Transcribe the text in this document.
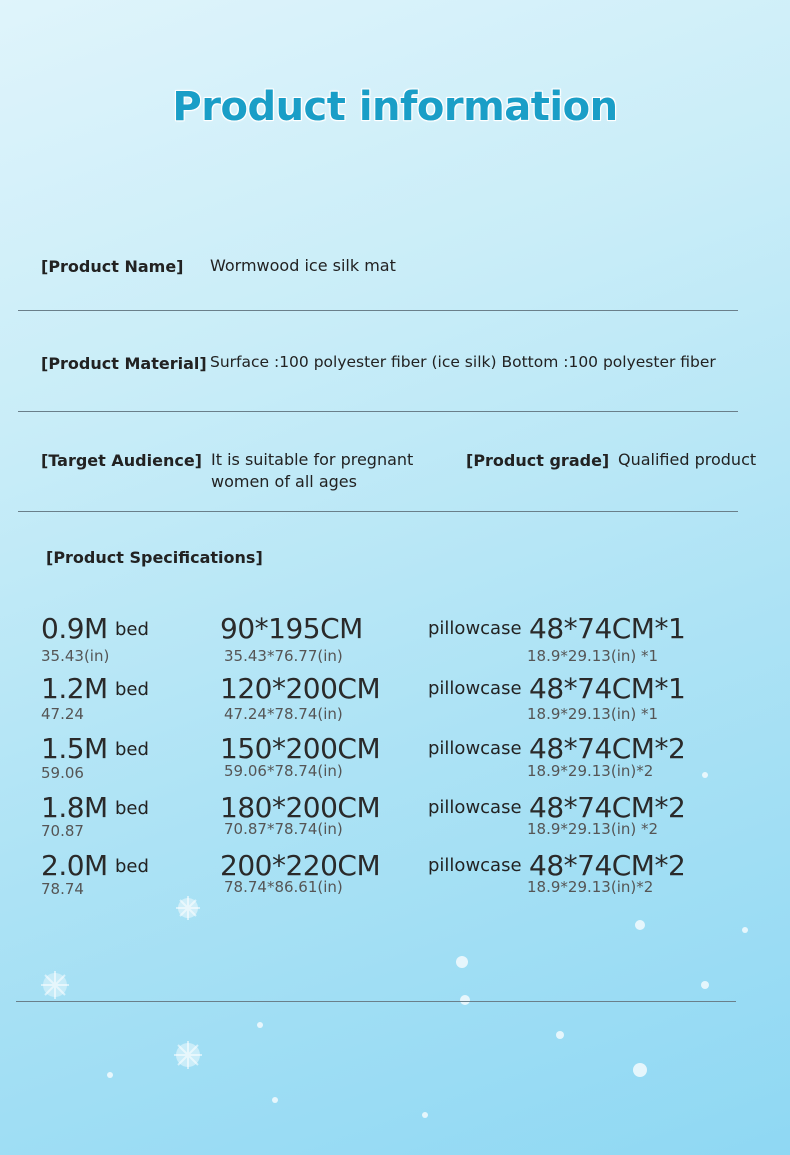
Product information
[Product Name] Wormwood ice silk mat
[Product Material] Surface :100 polyester fiber (ice silk) Bottom :100 polyester fiber
[Target Audience] It is suitable for pregnant
women of all ages
[Product grade] Qualified product
[Product Specifications]
0.9M bed
35.43(in)
90*195CM
35.43*76.77(in)
pillowcase 48*74CM*1
18.9*29.13(in) *1
1.2M bed
47.24
120*200CM
47.24*78.74(in)
pillowcase 48*74CM*1
18.9*29.13(in) *1
1.5M bed
59.06
150*200CM
59.06*78.74(in)
pillowcase 48*74CM*2
18.9*29.13(in)*2
1.8M bed
70.87
180*200CM
70.87*78.74(in)
pillowcase 48*74CM*2
18.9*29.13(in) *2
2.0M bed
78.74
200*220CM
78.74*86.61(in)
pillowcase 48*74CM*2
18.9*29.13(in)*2
